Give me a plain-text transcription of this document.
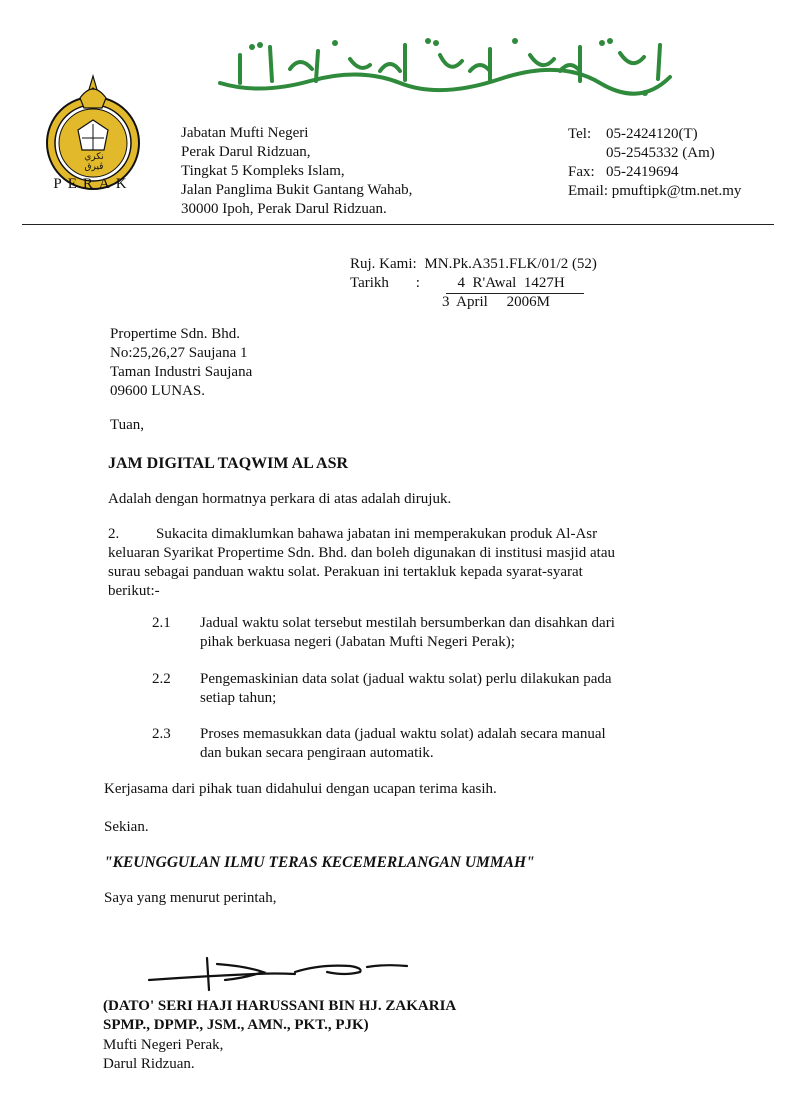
نکري ڤيرق
PERAK
Jabatan Mufti Negeri
Perak Darul Ridzuan,
Tingkat 5 Kompleks Islam,
Jalan Panglima Bukit Gantang Wahab,
30000 Ipoh, Perak Darul Ridzuan.
Tel: 05-2424120(T)
05-2545332 (Am)
Fax: 05-2419694
Email: pmuftipk@tm.net.my
Ruj. Kami: MN.Pk.A351.FLK/01/2 (52)
Tarikh :	4  R'Awal  1427H
3  April     2006M
Propertime Sdn. Bhd.
No:25,26,27 Saujana 1
Taman Industri Saujana
09600 LUNAS.
Tuan,
JAM DIGITAL TAQWIM AL ASR
Adalah dengan hormatnya perkara di atas adalah dirujuk.
2. Sukacita dimaklumkan bahawa jabatan ini memperakukan produk Al-Asr
keluaran Syarikat Propertime Sdn. Bhd. dan boleh digunakan di institusi masjid atau
surau sebagai panduan waktu solat. Perakuan ini tertakluk kepada syarat-syarat
berikut:-
2.1 Jadual waktu solat tersebut mestilah bersumberkan dan disahkan dari
pihak berkuasa negeri (Jabatan Mufti Negeri Perak);
2.2 Pengemaskinian data solat (jadual waktu solat) perlu dilakukan pada
setiap tahun;
2.3 Proses memasukkan data (jadual waktu solat) adalah secara manual
dan bukan secara pengiraan automatik.
Kerjasama dari pihak tuan didahului dengan ucapan terima kasih.
Sekian.
"KEUNGGULAN ILMU TERAS KECEMERLANGAN UMMAH"
Saya yang menurut perintah,
(DATO' SERI HAJI HARUSSANI BIN HJ. ZAKARIA
SPMP., DPMP., JSM., AMN., PKT., PJK)
Mufti Negeri Perak,
Darul Ridzuan.
